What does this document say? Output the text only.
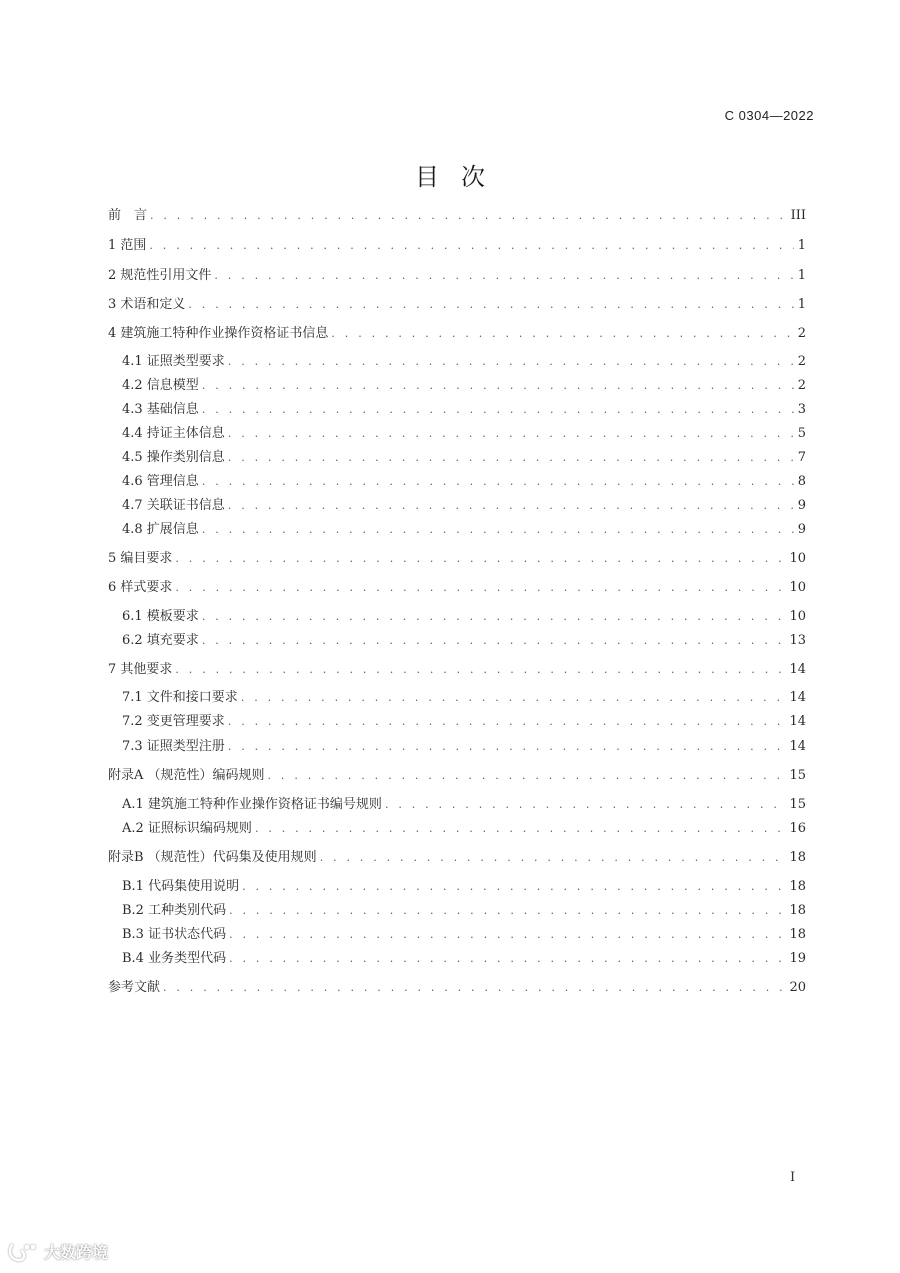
C 0304—2022
目次
前　言 . . .	III
1 范围 . . .	1
2 规范性引用文件 . . .	1
3 术语和定义 . . .	1
4 建筑施工特种作业操作资格证书信息 . . .	2
4.1 证照类型要求 . . .	2
4.2 信息模型 . . .	2
4.3 基础信息 . . .	3
4.4 持证主体信息 . . .	5
4.5 操作类别信息 . . .	7
4.6 管理信息 . . .	8
4.7 关联证书信息 . . .	9
4.8 扩展信息 . . .	9
5 编目要求 . . .	10
6 样式要求 . . .	10
6.1 模板要求 . . .	10
6.2 填充要求 . . .	13
7 其他要求 . . .	14
7.1 文件和接口要求 . . .	14
7.2 变更管理要求 . . .	14
7.3 证照类型注册 . . .	14
附录A （规范性）编码规则 . . .	15
A.1 建筑施工特种作业操作资格证书编号规则 . . .	15
A.2 证照标识编码规则 . . .	16
附录B （规范性）代码集及使用规则 . . .	18
B.1 代码集使用说明 . . .	18
B.2 工种类别代码 . . .	18
B.3 证书状态代码 . . .	18
B.4 业务类型代码 . . .	19
参考文献 . . .	20
I
大数跨境
